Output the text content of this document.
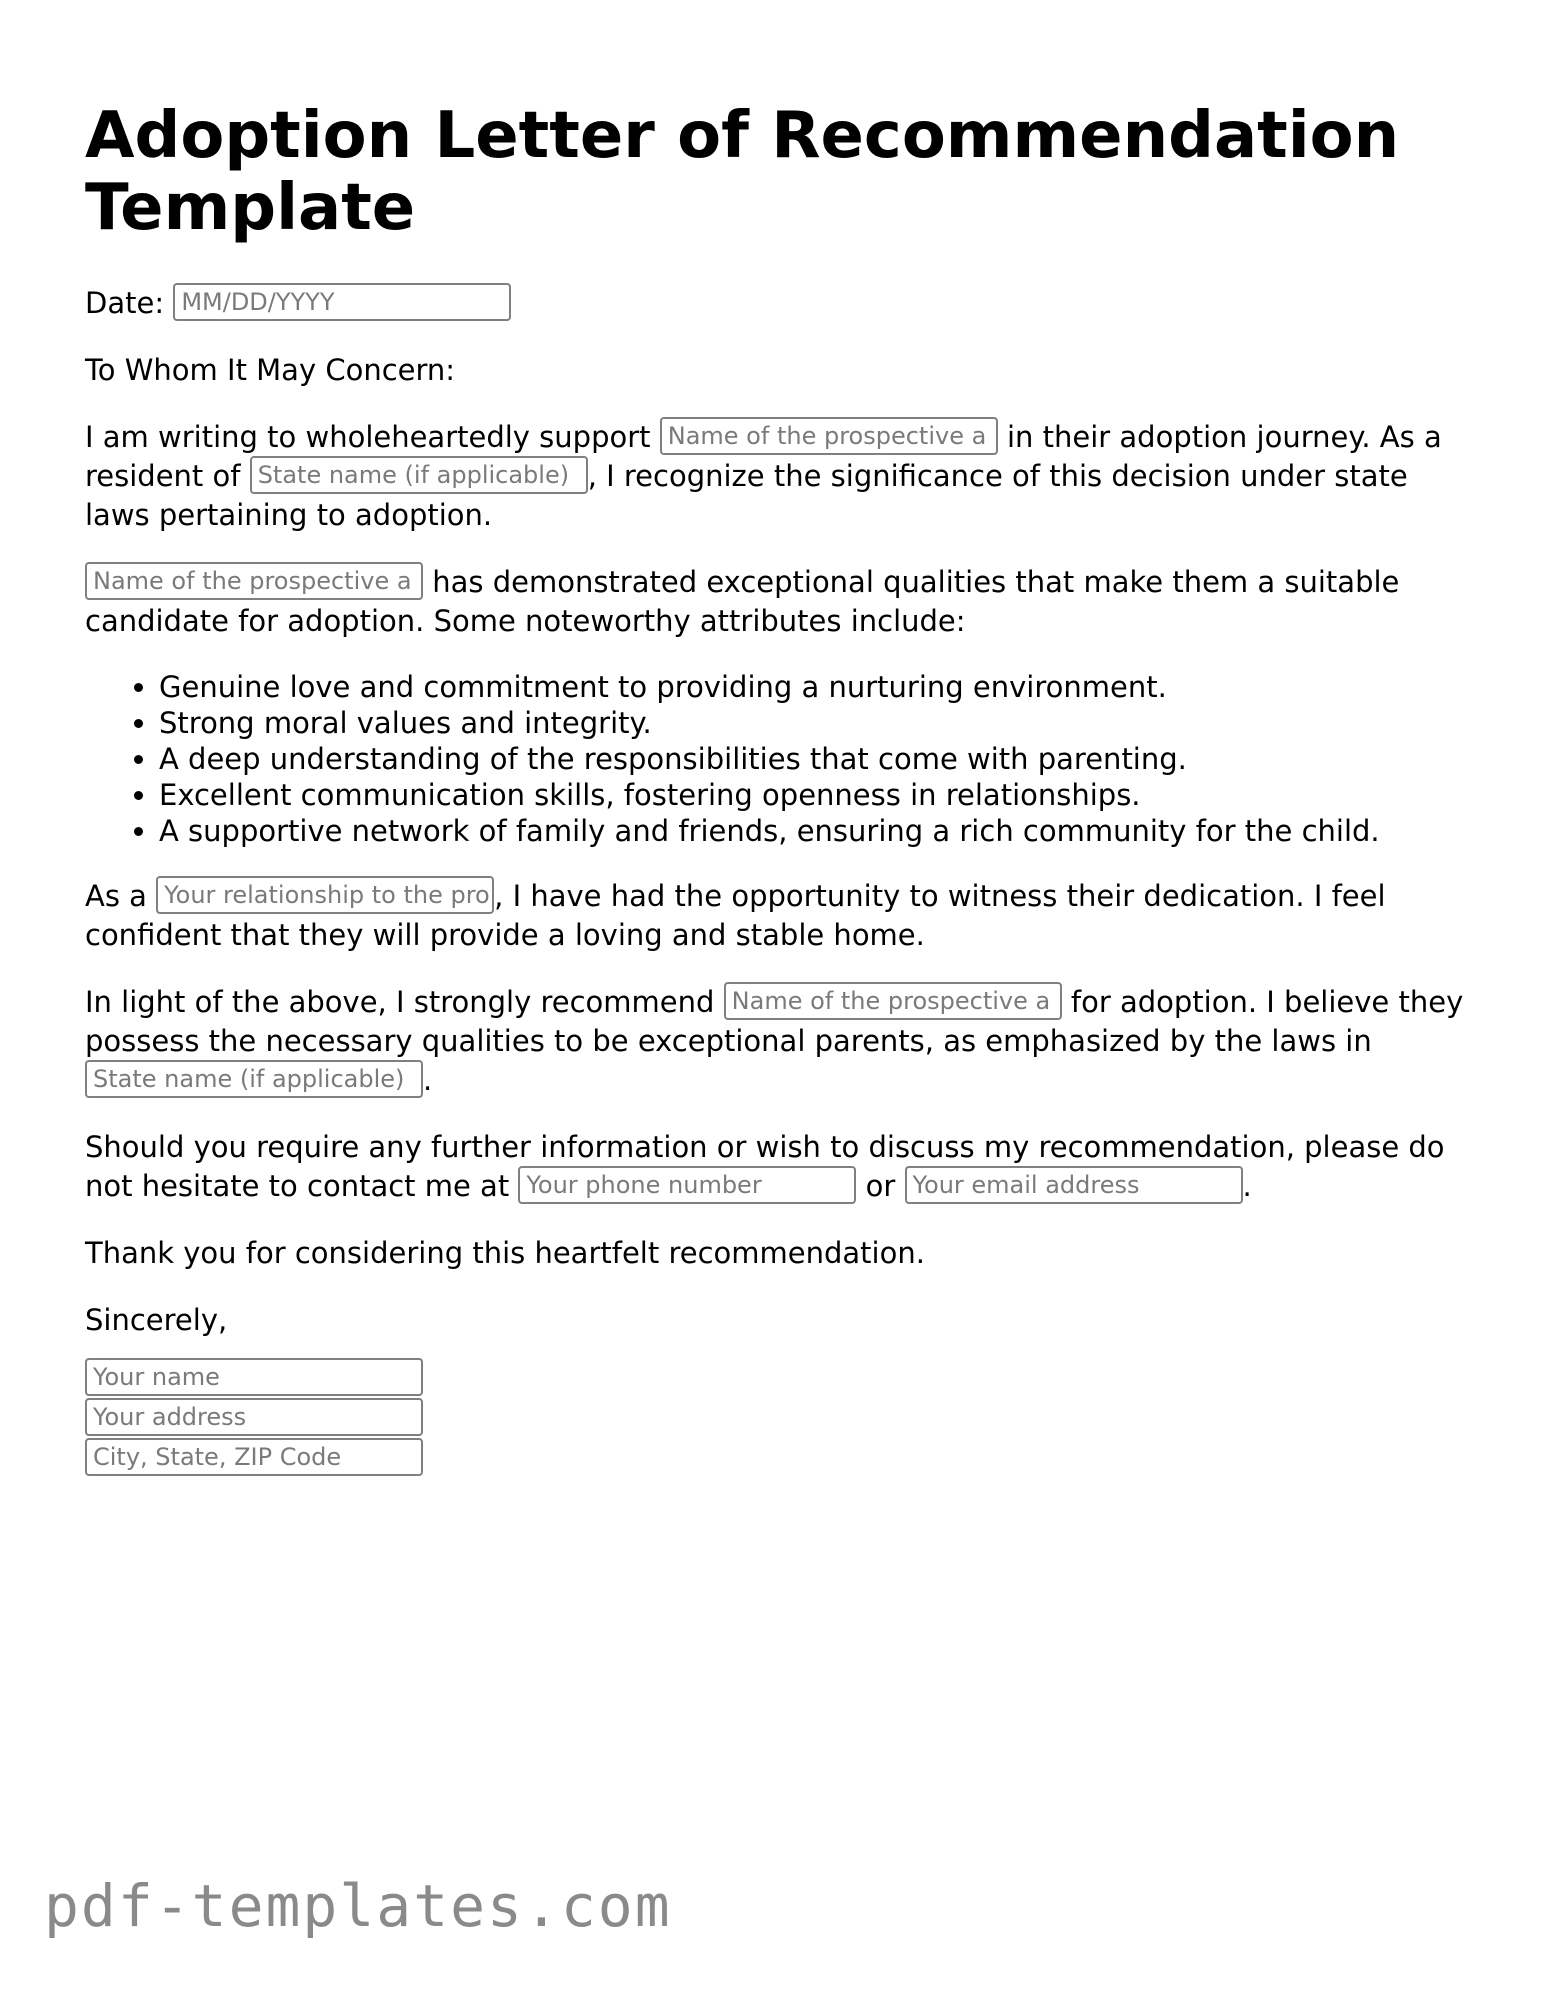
Adoption Letter of Recommendation Template

Date: MM/DD/YYYY

To Whom It May Concern:

I am writing to wholeheartedly support Name of the prospective a in their adoption journey. As a resident of State name (if applicable) , I recognize the significance of this decision under state laws pertaining to adoption.

Name of the prospective a has demonstrated exceptional qualities that make them a suitable candidate for adoption. Some noteworthy attributes include:

• Genuine love and commitment to providing a nurturing environment.
• Strong moral values and integrity.
• A deep understanding of the responsibilities that come with parenting.
• Excellent communication skills, fostering openness in relationships.
• A supportive network of family and friends, ensuring a rich community for the child.

As a Your relationship to the pro , I have had the opportunity to witness their dedication. I feel confident that they will provide a loving and stable home.

In light of the above, I strongly recommend Name of the prospective a for adoption. I believe they possess the necessary qualities to be exceptional parents, as emphasized by the laws in State name (if applicable) .

Should you require any further information or wish to discuss my recommendation, please do not hesitate to contact me at Your phone number	or Your email address	.

Thank you for considering this heartfelt recommendation.

Sincerely,

Your name
Your address
City, State, ZIP Code
pdf-templates.com
